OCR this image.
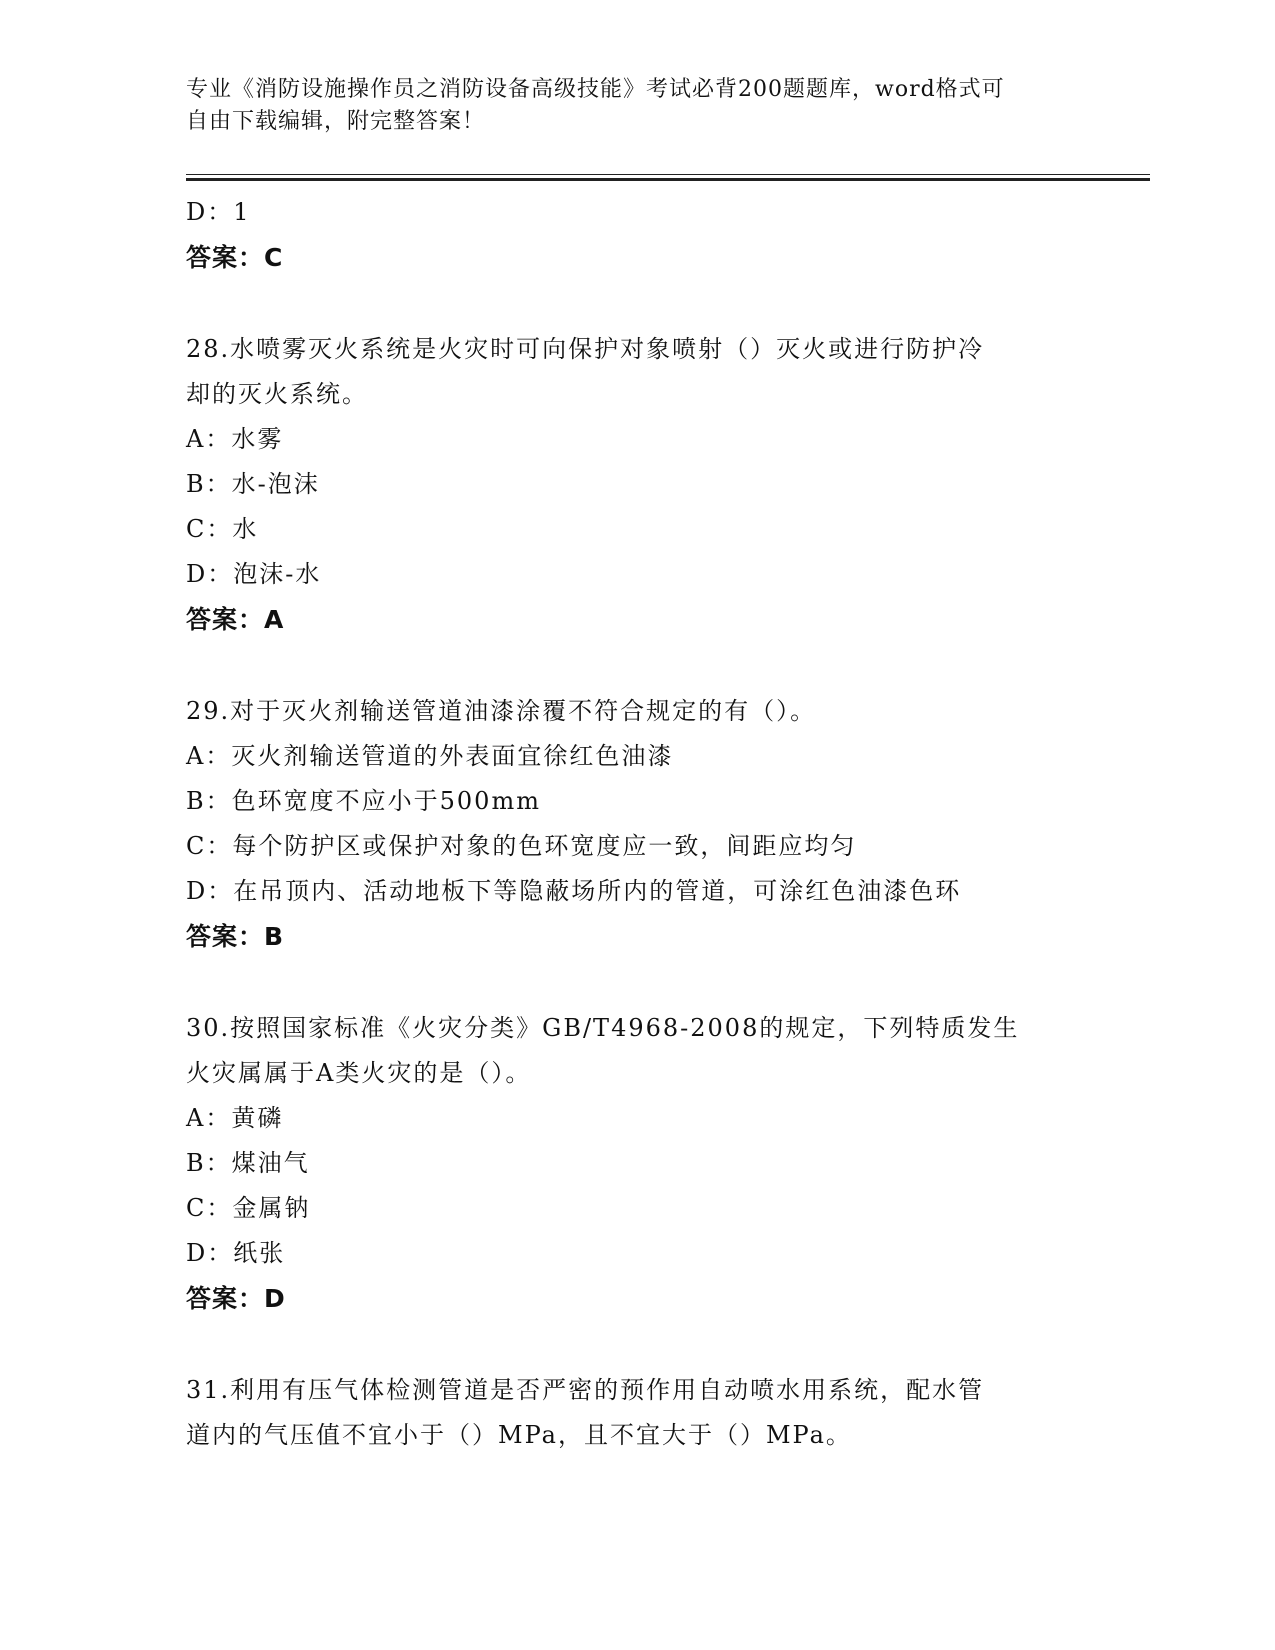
专业《消防设施操作员之消防设备高级技能》考试必背200题题库，word格式可
自由下载编辑，附完整答案！
D：1
答案：C
28.水喷雾灭火系统是火灾时可向保护对象喷射（）灭火或进行防护冷
却的灭火系统。
A：水雾
B：水-泡沫
C：水
D：泡沫-水
答案：A
29.对于灭火剂输送管道油漆涂覆不符合规定的有（）。
A：灭火剂输送管道的外表面宜徐红色油漆
B：色环宽度不应小于500mm
C：每个防护区或保护对象的色环宽度应一致，间距应均匀
D：在吊顶内、活动地板下等隐蔽场所内的管道，可涂红色油漆色环
答案：B
30.按照国家标准《火灾分类》GB/T4968-2008的规定，下列特质发生
火灾属属于A类火灾的是（）。
A：黄磷
B：煤油气
C：金属钠
D：纸张
答案：D
31.利用有压气体检测管道是否严密的预作用自动喷水用系统，配水管
道内的气压值不宜小于（）MPa，且不宜大于（）MPa。
